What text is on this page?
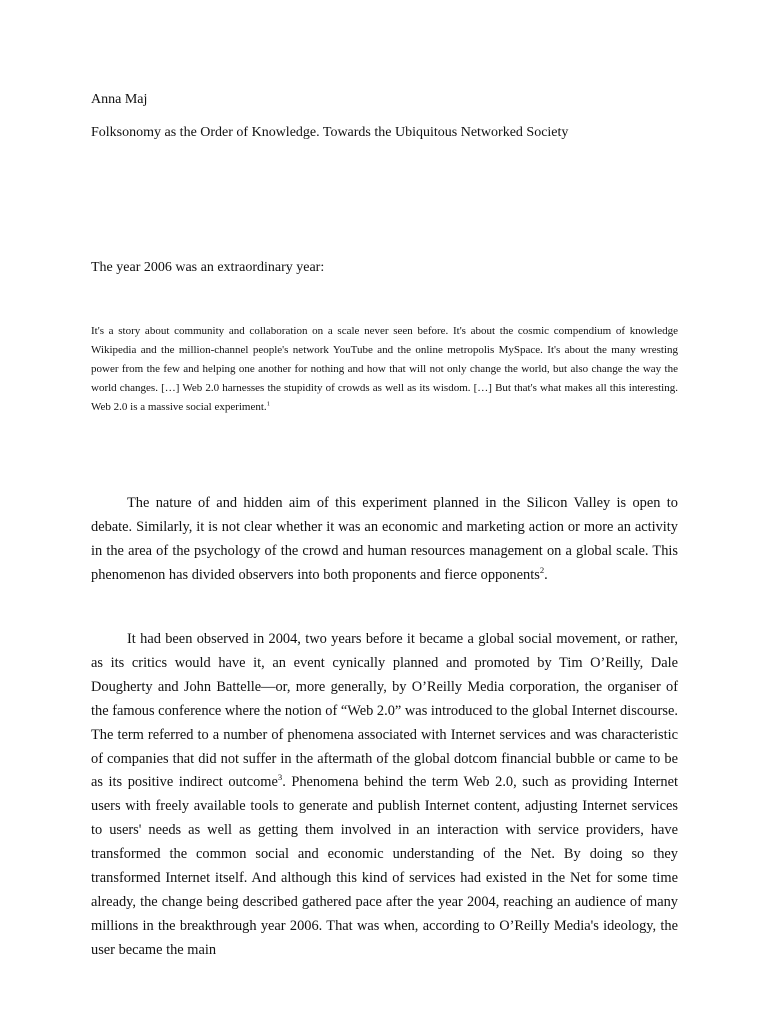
Anna Maj

Folksonomy as the Order of Knowledge. Towards the Ubiquitous Networked Society

The year 2006 was an extraordinary year:

It's a story about community and collaboration on a scale never seen before. It's about the cosmic compendium of knowledge Wikipedia and the million-channel people's network YouTube and the online metropolis MySpace. It's about the many wresting power from the few and helping one another for nothing and how that will not only change the world, but also change the way the world changes. […] Web 2.0 harnesses the stupidity of crowds as well as its wisdom. […] But that's what makes all this interesting. Web 2.0 is a massive social experiment.$^1$

The nature of and hidden aim of this experiment planned in the Silicon Valley is open to debate. Similarly, it is not clear whether it was an economic and marketing action or more an activity in the area of the psychology of the crowd and human resources management on a global scale. This phenomenon has divided observers into both proponents and fierce opponents$^2$.

It had been observed in 2004, two years before it became a global social movement, or rather, as its critics would have it, an event cynically planned and promoted by Tim O’Reilly, Dale Dougherty and John Battelle—or, more generally, by O’Reilly Media corporation, the organiser of the famous conference where the notion of “Web 2.0” was introduced to the global Internet discourse. The term referred to a number of phenomena associated with Internet services and was characteristic of companies that did not suffer in the aftermath of the global dotcom financial bubble or came to be as its positive indirect outcome$^3$. Phenomena behind the term Web 2.0, such as providing Internet users with freely available tools to generate and publish Internet content, adjusting Internet services to users' needs as well as getting them involved in an interaction with service providers, have transformed the common social and economic understanding of the Net. By doing so they transformed Internet itself. And although this kind of services had existed in the Net for some time already, the change being described gathered pace after the year 2004, reaching an audience of many millions in the breakthrough year 2006. That was when, according to O’Reilly Media's ideology, the user became the main
